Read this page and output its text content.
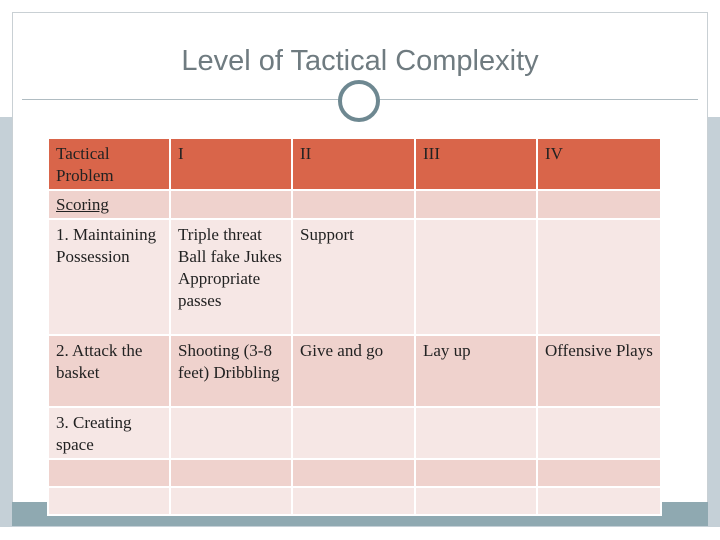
Level of Tactical Complexity
Tactical Problem	I	II	III	IV
Scoring				
1. Maintaining Possession	Triple threat Ball fake Jukes Appropriate passes	Support		
2. Attack the basket	Shooting (3-8 feet) Dribbling	Give and go	Lay up	Offensive Plays
3. Creating space				
